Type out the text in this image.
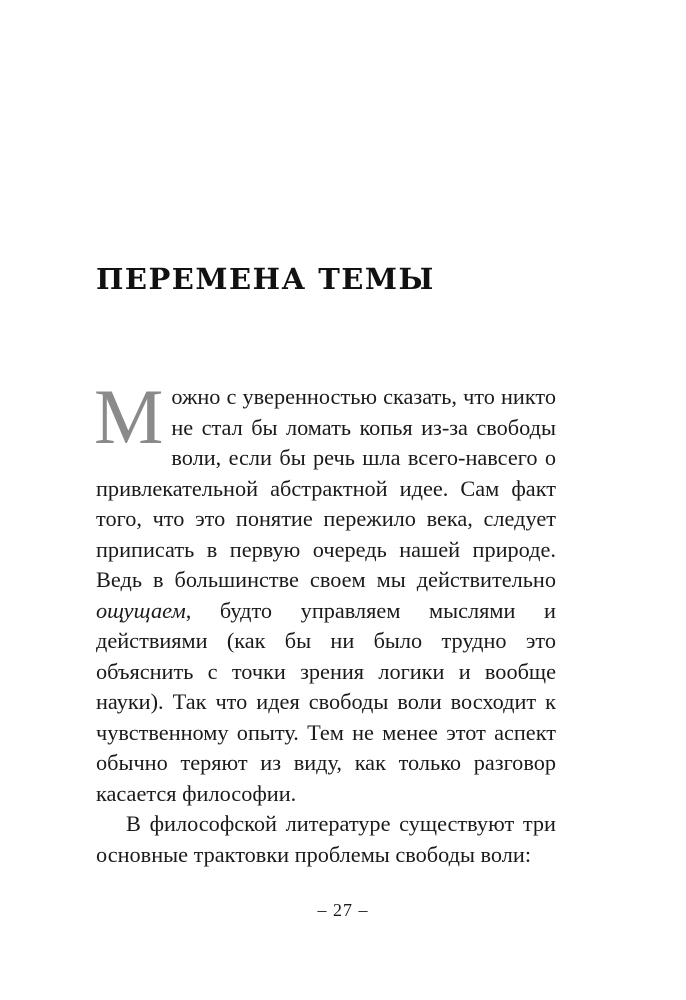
ПЕРЕМЕНА ТЕМЫ

Можно с уверенностью сказать, что никто не стал бы ломать копья из-за свободы воли, если бы речь шла всего-навсего о привлекательной абстрактной идее. Сам факт того, что это понятие пережило века, следует приписать в первую очередь нашей природе. Ведь в большинстве своем мы действительно ощущаем, будто управляем мыслями и действиями (как бы ни было трудно это объяснить с точки зрения логики и вообще науки). Так что идея свободы воли восходит к чувственному опыту. Тем не менее этот аспект обычно теряют из виду, как только разговор касается философии.

В философской литературе существуют три основные трактовки проблемы свободы воли:

– 27 –
